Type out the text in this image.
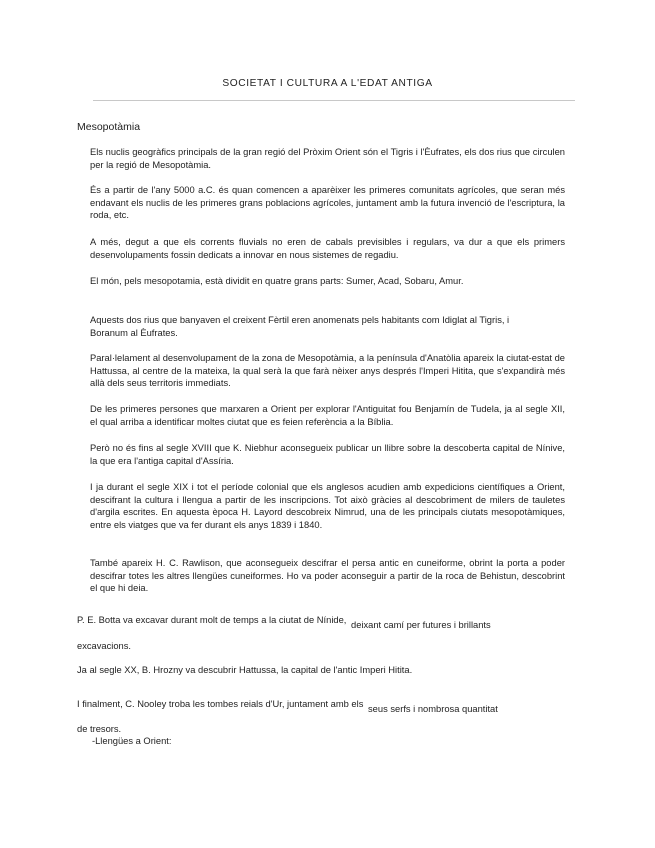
SOCIETAT I CULTURA A L'EDAT ANTIGA
Mesopotàmia

Els nuclis geogràfics principals de la gran regió del Pròxim Orient són el Tigris i l'Èufrates, els dos rius que circulen per la regió de Mesopotàmia.

És a partir de l'any 5000 a.C. és quan comencen a aparèixer les primeres comunitats agrícoles, que seran més endavant els nuclis de les primeres grans poblacions agrícoles, juntament amb la futura invenció de l'escriptura, la roda, etc.

A més, degut a que els corrents fluvials no eren de cabals previsibles i regulars, va dur a que els primers desenvolupaments fossin dedicats a innovar en nous sistemes de regadiu.

El món, pels mesopotamia, està dividit en quatre grans parts: Sumer, Acad, Sobaru, Amur.

Aquests dos rius que banyaven el creixent Fèrtil eren anomenats pels habitants com Idiglat al Tigris, i Boranum al Èufrates.

Paral·lelament al desenvolupament de la zona de Mesopotàmia, a la península d'Anatòlia apareix la ciutat-estat de Hattussa, al centre de la mateixa, la qual serà la que farà nèixer anys després l'Imperi Hitita, que s'expandirà més allà dels seus territoris immediats.

De les primeres persones que marxaren a Orient per explorar l'Antiguitat fou Benjamín de Tudela, ja al segle XII, el qual arriba a identificar moltes ciutat que es feien referència a la Bíblia.

Però no és fins al segle XVIII que K. Niebhur aconsegueix publicar un llibre sobre la descoberta capital de Nínive, la que era l'antiga capital d'Assíria.

I ja durant el segle XIX i tot el període colonial que els anglesos acudien amb expedicions científiques a Orient, descifrant la cultura i llengua a partir de les inscripcions. Tot això gràcies al descobriment de milers de tauletes d'argila escrites. En aquesta època H. Layord descobreix Nimrud, una de les principals ciutats mesopotàmiques, entre els viatges que va fer durant els anys 1839 i 1840.

També apareix H. C. Rawlison, que aconsegueix descifrar el persa antic en cuneiforme, obrint la porta a poder descifrar totes les altres llengües cuneiformes. Ho va poder aconseguir a partir de la roca de Behistun, descobrint el que hi deia.

P. E. Botta va excavar durant molt de temps a la ciutat de Nínide, deixant camí per futures i brillants
excavacions.
Ja al segle XX, B. Hrozny va descubrir Hattussa, la capital de l'antic Imperi Hitita.
I finalment, C. Nooley troba les tombes reials d'Ur, juntament amb els seus serfs i nombrosa quantitat
de tresors.
-Llengües a Orient:
